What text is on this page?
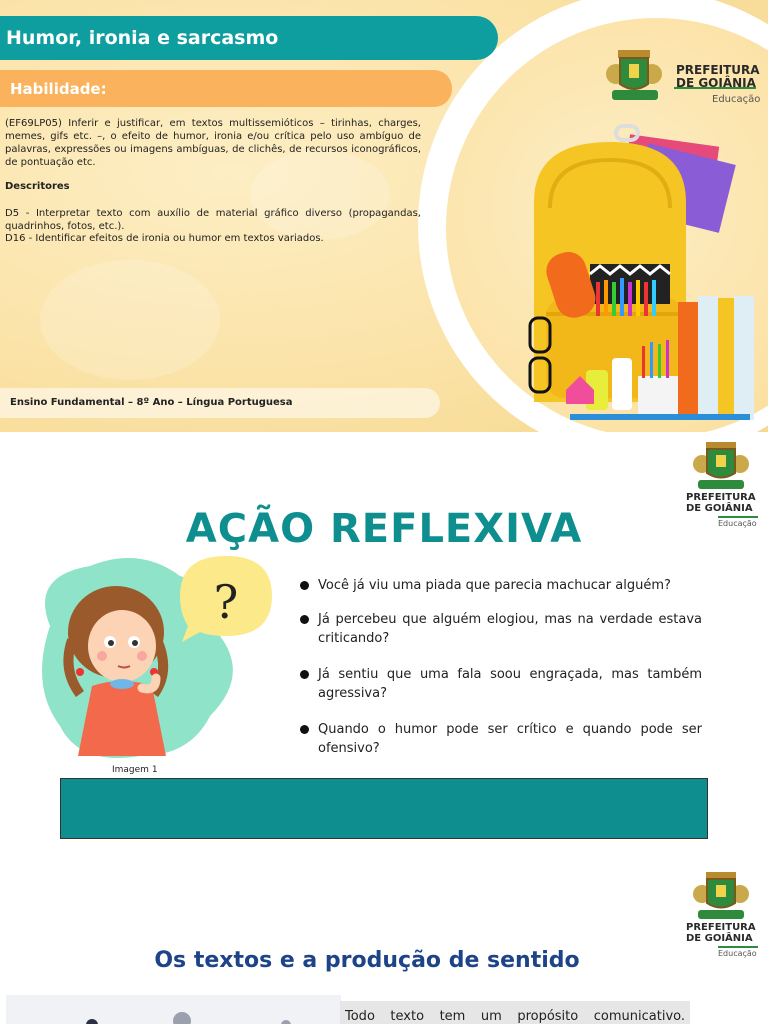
Humor, ironia e sarcasmo
Habilidade:

(EF69LP05) Inferir e justificar, em textos multissemióticos – tirinhas, charges, memes, gifs etc. –, o efeito de humor, ironia e/ou crítica pelo uso ambíguo de palavras, expressões ou imagens ambíguas, de clichês, de recursos iconográficos, de pontuação etc.

Descritores

D5 - Interpretar texto com auxílio de material gráfico diverso (propagandas, quadrinhos, fotos, etc.).

D16 - Identificar efeitos de ironia ou humor em textos variados.

Ensino Fundamental – 8º Ano – Língua Portuguesa
PREFEITURA
DE GOIÂNIA
Educação
PREFEITURA
DE GOIÂNIA
Educação
AÇÃO REFLEXIVA
?
Imagem 1
Você já viu uma piada que parecia machucar alguém?
Já percebeu que alguém elogiou, mas na verdade estava criticando?
Já sentiu que uma fala soou engraçada, mas também agressiva?
Quando o humor pode ser crítico e quando pode ser ofensivo?
PREFEITURA
DE GOIÂNIA
Educação
Os textos e a produção de sentido

Todo texto tem um propósito comunicativo.
